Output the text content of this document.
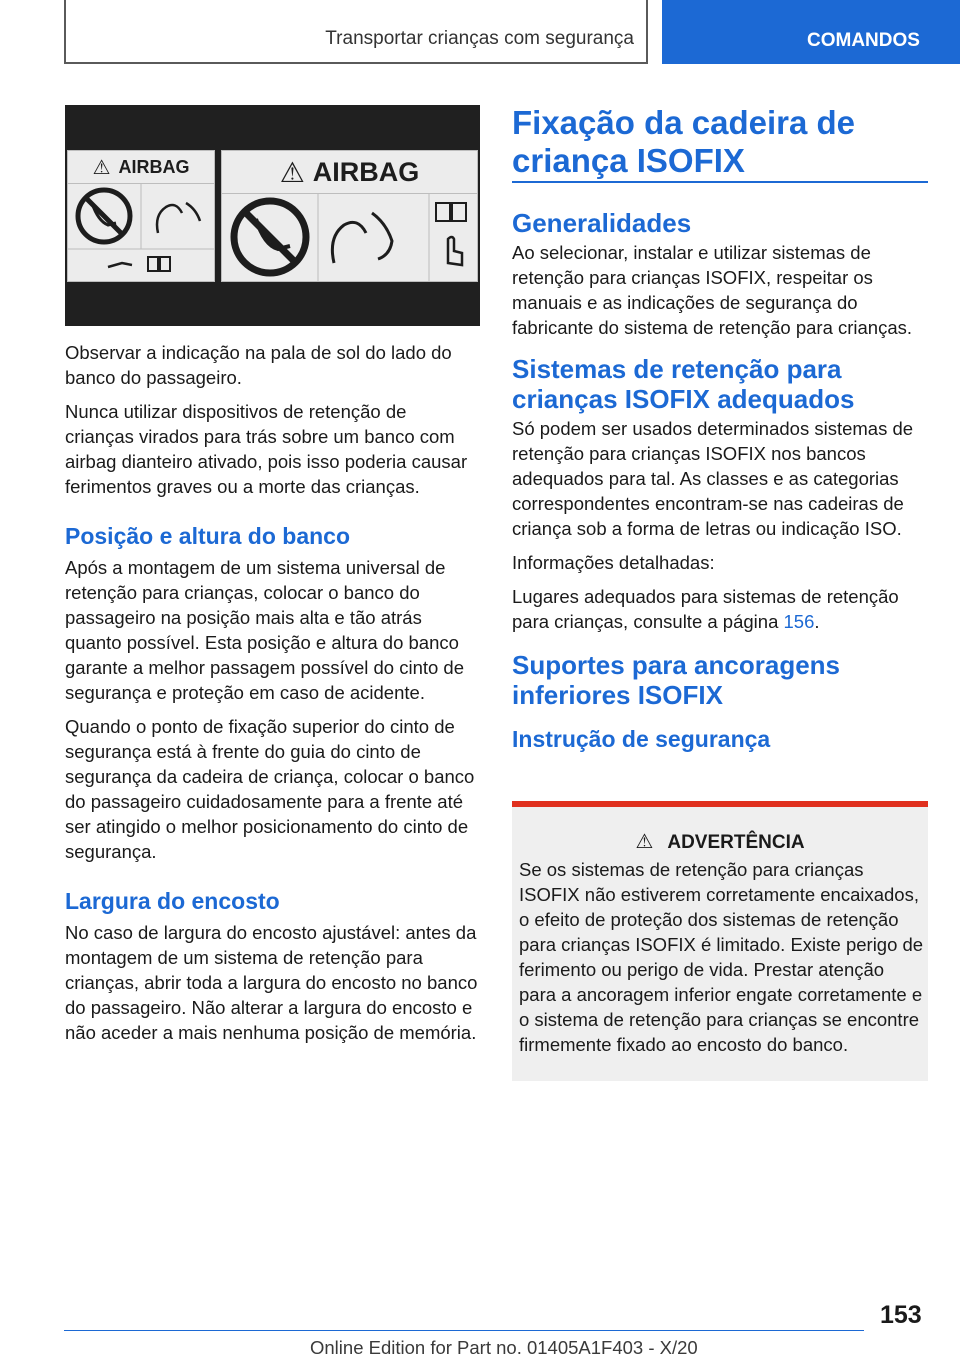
Transportar crianças com segurança	COMANDOS
⚠ AIRBAG	⚠ AIRBAG

Observar a indicação na pala de sol do lado do banco do passageiro.

Nunca utilizar dispositivos de retenção de crianças virados para trás sobre um banco com airbag dianteiro ativado, pois isso poderia causar ferimentos graves ou a morte das crianças.

Posição e altura do banco

Após a montagem de um sistema universal de retenção para crianças, colocar o banco do passageiro na posição mais alta e tão atrás quanto possível. Esta posição e altura do banco garante a melhor passagem possível do cinto de segurança e proteção em caso de acidente.

Quando o ponto de fixação superior do cinto de segurança está à frente do guia do cinto de segurança da cadeira de criança, colocar o banco do passageiro cuidadosamente para a frente até ser atingido o melhor posicionamento do cinto de segurança.

Largura do encosto

No caso de largura do encosto ajustável: antes da montagem de um sistema de retenção para crianças, abrir toda a largura do encosto no banco do passageiro. Não alterar a largura do encosto e não aceder a mais nenhuma posição de memória.

Fixação da cadeira de criança ISOFIX
Generalidades

Ao selecionar, instalar e utilizar sistemas de retenção para crianças ISOFIX, respeitar os manuais e as indicações de segurança do fabricante do sistema de retenção para crianças.

Sistemas de retenção para crianças ISOFIX adequados

Só podem ser usados determinados sistemas de retenção para crianças ISOFIX nos bancos adequados para tal. As classes e as categorias correspondentes encontram-se nas cadeiras de criança sob a forma de letras ou indicação ISO.

Informações detalhadas:

Lugares adequados para sistemas de retenção para crianças, consulte a página 156.

Suportes para ancoragens inferiores ISOFIX
Instrução de segurança
⚠ ADVERTÊNCIA
Se os sistemas de retenção para crianças ISOFIX não estiverem corretamente encaixados, o efeito de proteção dos sistemas de retenção para crianças ISOFIX é limitado. Existe perigo de ferimento ou perigo de vida. Prestar atenção para a ancoragem inferior engate corretamente e o sistema de retenção para crianças se encontre firmemente fixado ao encosto do banco.
153
Online Edition for Part no. 01405A1F403 - X/20
